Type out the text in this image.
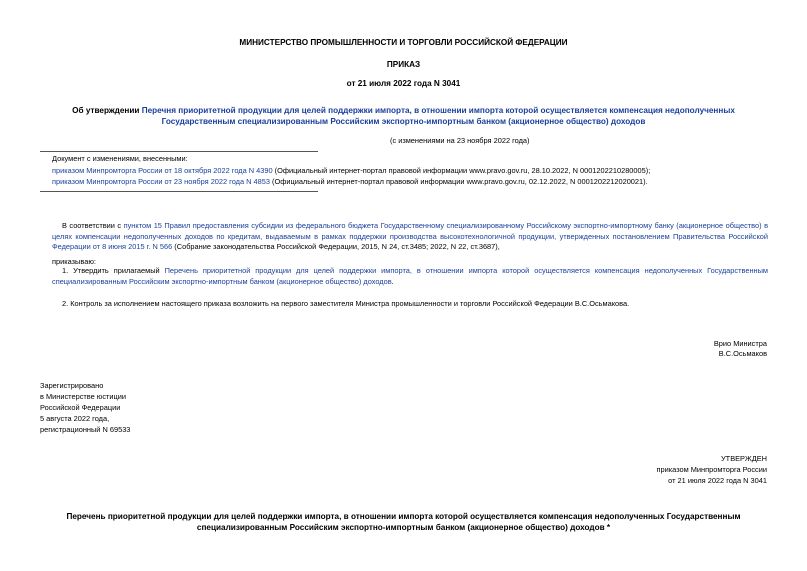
МИНИСТЕРСТВО ПРОМЫШЛЕННОСТИ И ТОРГОВЛИ РОССИЙСКОЙ ФЕДЕРАЦИИ
ПРИКАЗ
от 21 июля 2022 года N 3041
Об утверждении Перечня приоритетной продукции для целей поддержки импорта, в отношении импорта которой осуществляется компенсация недополученных Государственным специализированным Российским экспортно-импортным банком (акционерное общество) доходов
(с изменениями на 23 ноября 2022 года)
Документ с изменениями, внесенными:
приказом Минпромторга России от 18 октября 2022 года N 4390 (Официальный интернет-портал правовой информации www.pravo.gov.ru, 28.10.2022, N 0001202210280005);
приказом Минпромторга России от 23 ноября 2022 года N 4853 (Официальный интернет-портал правовой информации www.pravo.gov.ru, 02.12.2022, N 0001202212020021).
В соответствии с пунктом 15 Правил предоставления субсидии из федерального бюджета Государственному специализированному Российскому экспортно-импортному банку (акционерное общество) в целях компенсации недополученных доходов по кредитам, выдаваемым в рамках поддержки производства высокотехнологичной продукции, утвержденных постановлением Правительства Российской Федерации от 8 июня 2015 г. N 566 (Собрание законодательства Российской Федерации, 2015, N 24, ст.3485; 2022, N 22, ст.3687),
приказываю:
1. Утвердить прилагаемый Перечень приоритетной продукции для целей поддержки импорта, в отношении импорта которой осуществляется компенсация недополученных Государственным специализированным Российским экспортно-импортным банком (акционерное общество) доходов.
2. Контроль за исполнением настоящего приказа возложить на первого заместителя Министра промышленности и торговли Российской Федерации В.С.Осьмакова.
Врио Министра
В.С.Осьмаков
Зарегистрировано
в Министерстве юстиции
Российской Федерации
5 августа 2022 года,
регистрационный N 69533
УТВЕРЖДЕН
приказом Минпромторга России
от 21 июля 2022 года N 3041
Перечень приоритетной продукции для целей поддержки импорта, в отношении импорта которой осуществляется компенсация недополученных Государственным специализированным Российским экспортно-импортным банком (акционерное общество) доходов *
